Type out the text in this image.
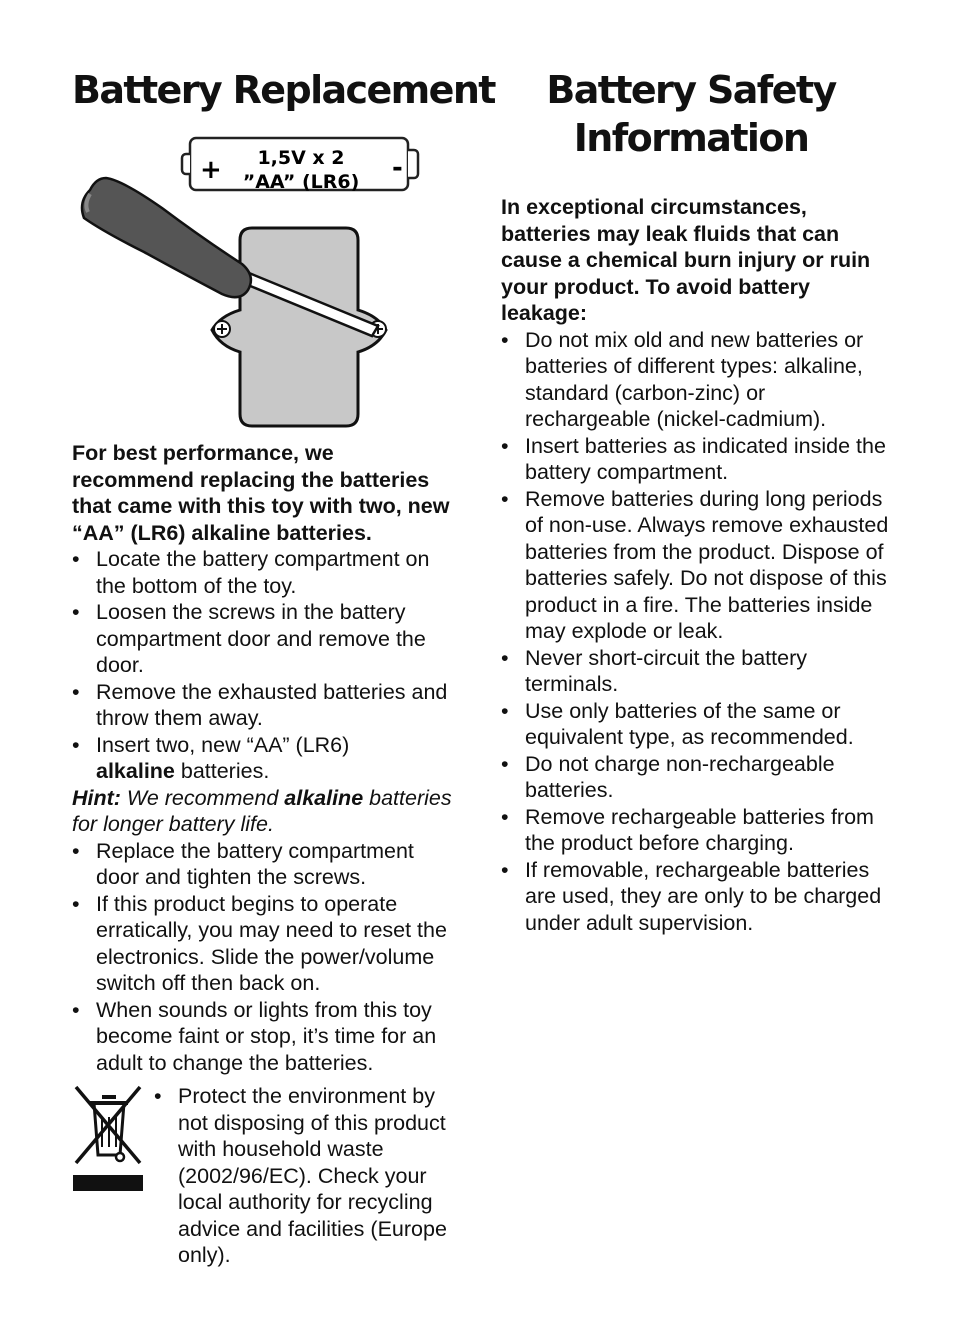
Battery Replacement
+	-
1,5V x 2
”AA” (LR6)

For best performance, we recommend replacing the batteries that came with this toy with two, new “AA” (LR6) alkaline batteries.

• Locate the battery compartment on the bottom of the toy.
• Loosen the screws in the battery compartment door and remove the door.
• Remove the exhausted batteries and throw them away.
• Insert two, new “AA” (LR6)
alkaline batteries.

Hint: We recommend alkaline batteries for longer battery life.

• Replace the battery compartment door and tighten the screws.
• If this product begins to operate erratically, you may need to reset the electronics. Slide the power/volume switch off then back on.
• When sounds or lights from this toy become faint or stop, it’s time for an adult to change the batteries.
• Protect the environment by not disposing of this product with household waste (2002/96/EC). Check your local authority for recycling advice and facilities (Europe only).
Battery Safety Information

In exceptional circumstances, batteries may leak fluids that can cause a chemical burn injury or ruin your product. To avoid battery leakage:

• Do not mix old and new batteries or batteries of different types: alkaline, standard (carbon-zinc) or rechargeable (nickel-cadmium).
• Insert batteries as indicated inside the battery compartment.
• Remove batteries during long periods of non-use. Always remove exhausted batteries from the product. Dispose of batteries safely. Do not dispose of this product in a fire. The batteries inside may explode or leak.
• Never short-circuit the battery terminals.
• Use only batteries of the same or equivalent type, as recommended.
• Do not charge non-rechargeable batteries.
• Remove rechargeable batteries from the product before charging.
• If removable, rechargeable batteries are used, they are only to be charged under adult supervision.
